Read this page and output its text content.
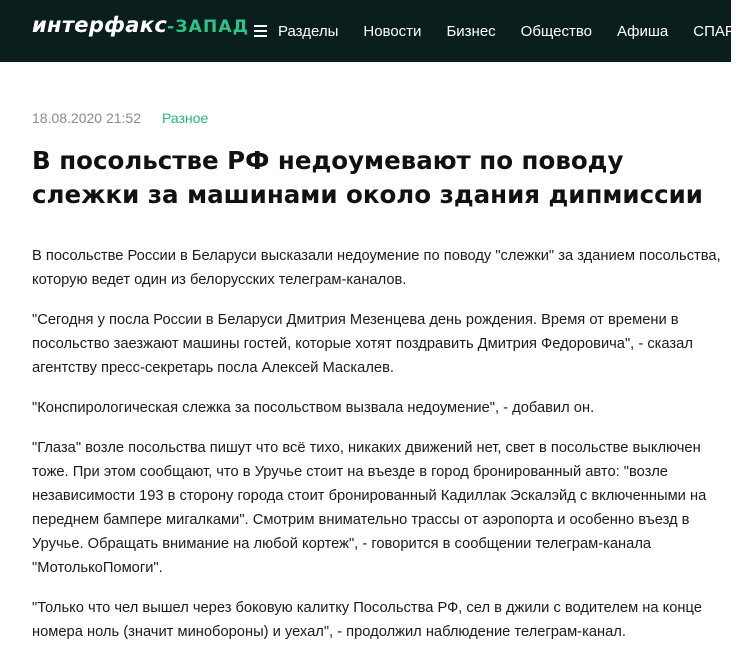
интерфакс -ЗАПАД Разделы Новости Бизнес Общество Афиша СПАРК
18.08.2020 21:52 Разное
В посольстве РФ недоумевают по поводу слежки за машинами около здания дипмиссии

В посольстве России в Беларуси высказали недоумение по поводу "слежки" за зданием посольства, которую ведет один из белорусских телеграм-каналов.

"Сегодня у посла России в Беларуси Дмитрия Мезенцева день рождения. Время от времени в посольство заезжают машины гостей, которые хотят поздравить Дмитрия Федоровича", - сказал агентству пресс-секретарь посла Алексей Маскалев.

"Конспирологическая слежка за посольством вызвала недоумение", - добавил он.

"Глаза" возле посольства пишут что всё тихо, никаких движений нет, свет в посольстве выключен тоже. При этом сообщают, что в Уручье стоит на въезде в город бронированный авто: "возле независимости 193 в сторону города стоит бронированный Кадиллак Эскалэйд с включенными на переднем бампере мигалками". Смотрим внимательно трассы от аэропорта и особенно въезд в Уручье. Обращать внимание на любой кортеж", - говорится в сообщении телеграм-канала "МотолькоПомоги".

"Только что чел вышел через боковую калитку Посольства РФ, сел в джили с водителем на конце номера ноль (значит минобороны) и уехал", - продолжил наблюдение телеграм-канал.
